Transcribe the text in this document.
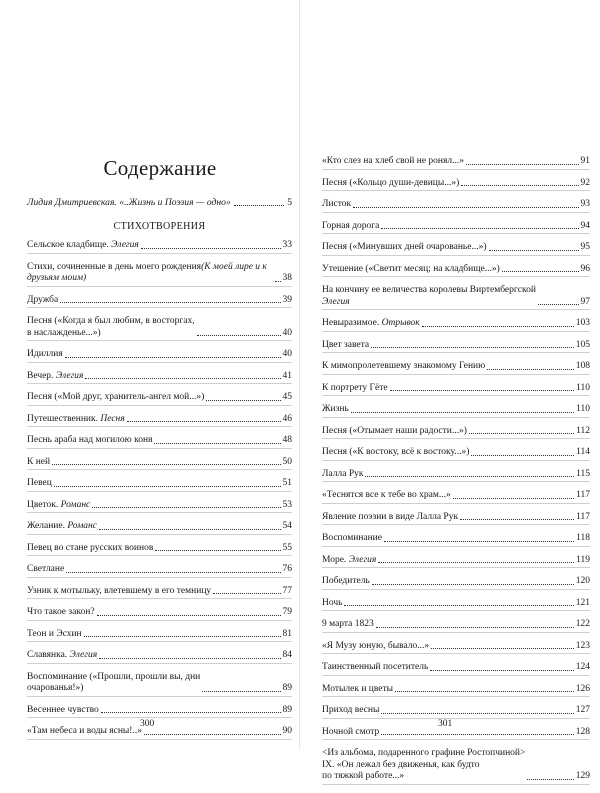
Содержание
Лидия Дмитриевская. «..Жизнь и Поэзия — одно»	5
СТИХОТВОРЕНИЯ
Сельское кладбище. Элегия	33
Стихи, сочиненные в день моего рождения(К моей лире и к друзьям моим)	38
Дружба	39
Песня («Когда я был любим, в восторгах,
в наслажденье...»)	40
Идиллия	40
Вечер. Элегия	41
Песня («Мой друг, хранитель-ангел мой...»)	45
Путешественник. Песня	46
Песнь араба над могилою коня	48
К ней	50
Певец	51
Цветок. Романс	53
Желание. Романс	54
Певец во стане русских воинов	55
Светлане	76
Узник к мотыльку, влетевшему в его темницу	77
Что такое закон?	79
Теон и Эсхин	81
Славянка. Элегия	84
Воспоминание («Прошли, прошли вы, дни
очарованья!»)	89
Весеннее чувство	89
«Там небеса и воды ясны!..»	90
300
«Кто слез на хлеб свой не ронял...»	91
Песня («Кольцо души-девицы...»)	92
Листок	93
Горная дорога	94
Песня («Минувших дней очарованье...»)	95
Утешение («Светит месяц; на кладбище...»)	96
На кончину ее величества королевы Виртембергской
Элегия	97
Невыразимое. Отрывок	103
Цвет завета	105
К мимопролетевшему знакомому Гению	108
К портрету Гёте	110
Жизнь	110
Песня («Отымает наши радости...»)	112
Песня («К востоку, всё к востоку...»)	114
Лалла Рук	115
«Теснятся все к тебе во храм...»	117
Явление поэзии в виде Лалла Рук	117
Воспоминание	118
Море. Элегия	119
Победитель	120
Ночь	121
9 марта 1823	122
«Я Музу юную, бывало...»	123
Таинственный посетитель	124
Мотылек и цветы	126
Приход весны	127
Ночной смотр	128
<Из альбома, подаренного графине Ростопчиной>
IX. «Он лежал без движенья, как будто
по тяжкой работе...»	129
301
